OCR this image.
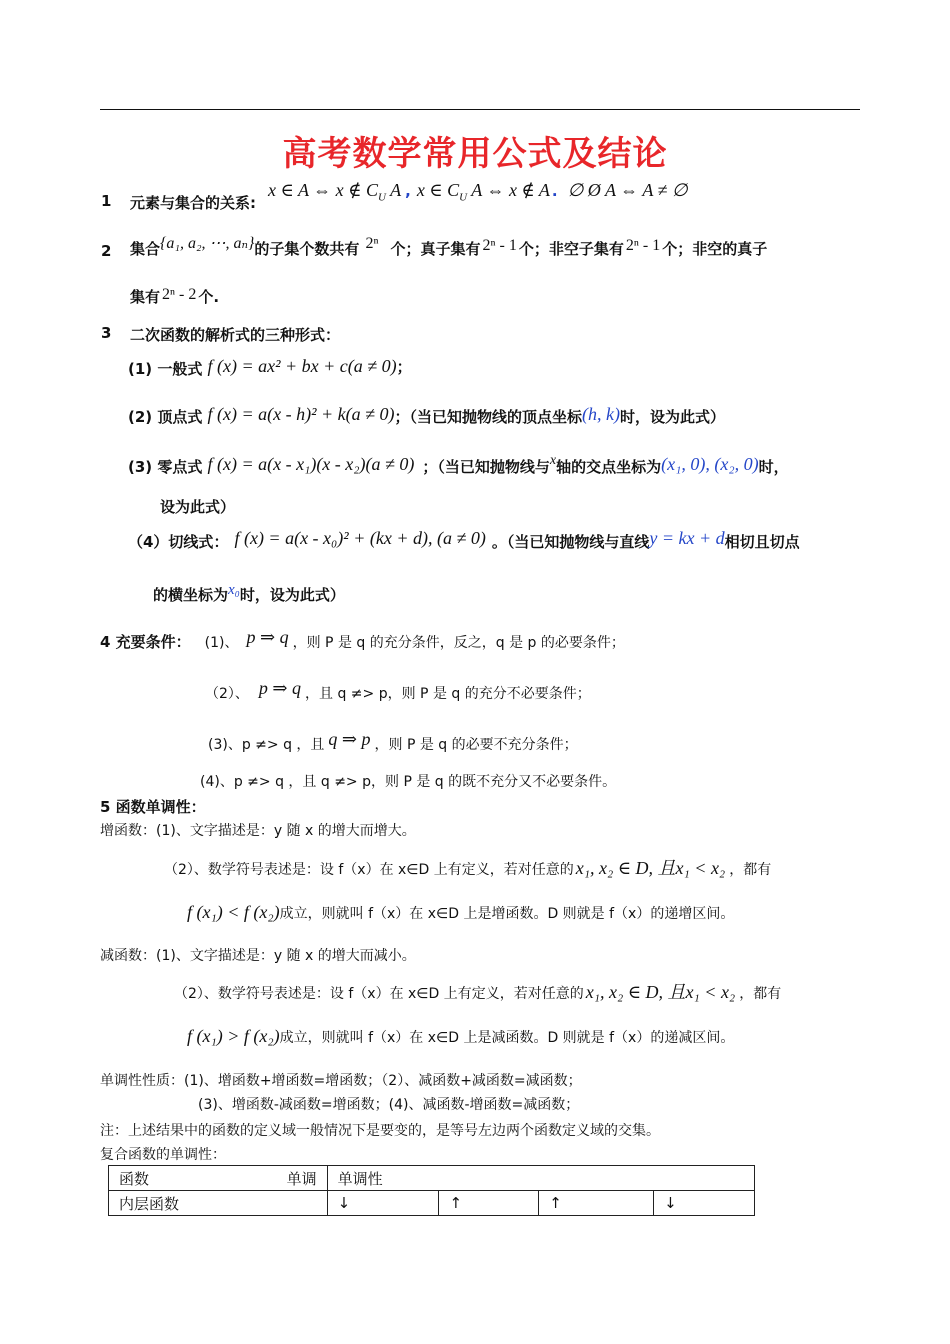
高考数学常用公式及结论
1 元素与集合的关系:
x ∈ A ⇔ x ∉ $C_U$ A , x ∈ $C_U$ A ⇔ x ∉ A . ∅ Ø A ⇔ A ≠ ∅
2 集合{a₁, a₂, ⋯, aₙ}的子集个数共有 2ⁿ 个；真子集有 2ⁿ - 1 个；非空子集有 2ⁿ - 1 个；非空的真子
集有 2ⁿ - 2 个.
3 二次函数的解析式的三种形式：
(1) 一般式 f (x) = ax² + bx + c(a ≠ 0)；
(2) 顶点式 f (x) = a(x - h)² + k(a ≠ 0)；（当已知抛物线的顶点坐标(h, k)时，设为此式）
(3) 零点式 f (x) = a(x - x₁)(x - x₂)(a ≠ 0) ；（当已知抛物线与x轴的交点坐标为(x₁, 0), (x₂, 0)时，
设为此式）
（4）切线式： f (x) = a(x - x₀)² + (kx + d), (a ≠ 0) 。（当已知抛物线与直线y = kx + d相切且切点
的横坐标为x₀时，设为此式）
4 充要条件： (1)、 p ⇒ q ，则 P 是 q 的充分条件，反之，q 是 p 的必要条件；
（2）、 p ⇒ q ，且 q ≠> p，则 P 是 q 的充分不必要条件；
(3)、p ≠> q ，且 q ⇒ p ，则 P 是 q 的必要不充分条件；
(4)、p ≠> q ，且 q ≠> p，则 P 是 q 的既不充分又不必要条件。
5 函数单调性：
增函数：(1)、文字描述是：y 随 x 的增大而增大。
（2）、数学符号表述是：设 f（x）在 x∈D 上有定义，若对任意的 x₁, x₂ ∈ D, 且x₁ < x₂ ，都有
f (x₁) < f (x₂)成立，则就叫 f（x）在 x∈D 上是增函数。D 则就是 f（x）的递增区间。
减函数：(1)、文字描述是：y 随 x 的增大而减小。
（2）、数学符号表述是：设 f（x）在 x∈D 上有定义，若对任意的 x₁, x₂ ∈ D, 且x₁ < x₂ ，都有
f (x₁) > f (x₂)成立，则就叫 f（x）在 x∈D 上是减函数。D 则就是 f（x）的递减区间。
单调性性质：(1)、增函数+增函数=增函数；（2）、减函数+减函数=减函数；
(3)、增函数-减函数=增函数；(4)、减函数-增函数=减函数；
注：上述结果中的函数的定义域一般情况下是要变的，是等号左边两个函数定义域的交集。
复合函数的单调性：
函数 单调	单调性			
内层函数	↓	↑	↑	↓
